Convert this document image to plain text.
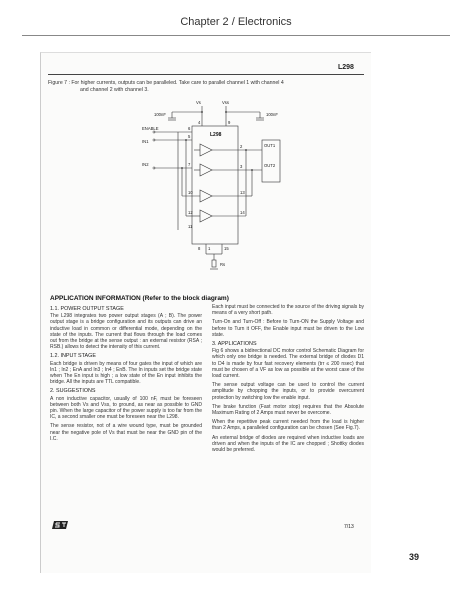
Chapter 2 / Electronics
L298
Figure 7 : For higher currents, outputs can be paralleled. Take care to parallel channel 1 with channel 4
and channel 2 with channel 3.
Vs	Vss
100nF	100nF
L298
ENABLE
IN1
IN2
OUT1
OUT2
Rs
4	9
6
5
7
10
12
11
2
3
13
14
8 1	15
APPLICATION INFORMATION (Refer to the block diagram)
1.1. POWER OUTPUT STAGE

The L298 integrates two power output stages (A ; B). The power output stage is a bridge configuration and its outputs can drive an inductive load in common or differential mode, depending on the state of the inputs. The current that flows through the load comes out from the bridge at the sense output : an external resistor (RSA ; RSB.) allows to detect the intensity of this current.

1.2. INPUT STAGE

Each bridge is driven by means of four gates the input of which are In1 ; In2 ; EnA and In3 ; In4 ; EnB. The In inputs set the bridge state when The En input is high ; a low state of the En input inhibits the bridge. All the inputs are TTL compatible.

2. SUGGESTIONS

A non inductive capacitor, usually of 100 nF, must be foreseen between both Vs and Vss, to ground, as near as possible to GND pin. When the large capacitor of the power supply is too far from the IC, a second smaller one must be foreseen near the L298.

The sense resistor, not of a wire wound type, must be grounded near the negative pole of Vs that must be near the GND pin of the I.C.

Each input must be connected to the source of the driving signals by means of a very short path.

Turn-On and Turn-Off : Before to Turn-ON the Supply Voltage and before to Turn it OFF, the Enable input must be driven to the Low state.

3. APPLICATIONS

Fig 6 shows a bidirectional DC motor control Schematic Diagram for which only one bridge is needed. The external bridge of diodes D1 to D4 is made by four fast recovery elements (trr ≤ 200 nsec) that must be chosen of a VF as low as possible at the worst case of the load current.

The sense output voltage can be used to control the current amplitude by chopping the inputs, or to provide overcurrent protection by switching low the enable input.

The brake function (Fast motor stop) requires that the Absolute Maximum Rating of 2 Amps must never be overcome.

When the repetitive peak current needed from the load is higher than 2 Amps, a paralleled configuration can be chosen (See Fig.7).

An external bridge of diodes are required when inductive loads are driven and when the inputs of the IC are chopped ; Shottky diodes would be preferred.

7/13
39
